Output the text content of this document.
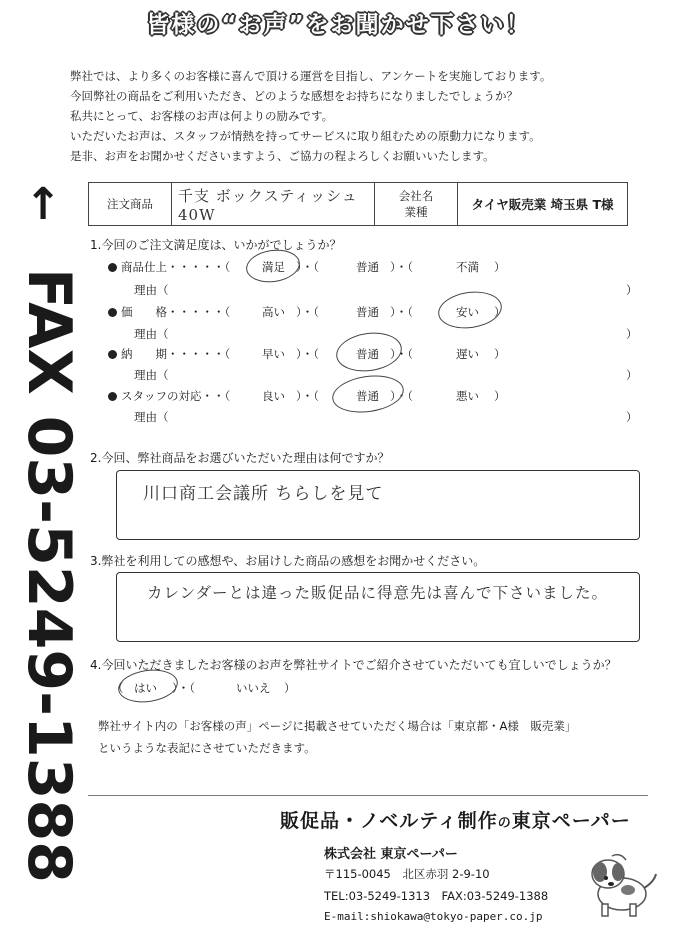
皆様の“お声”をお聞かせ下さい！
弊社では、より多くのお客様に喜んで頂ける運営を目指し、アンケートを実施しております。
今回弊社の商品をご利用いただき、どのような感想をお持ちになりましたでしょうか？
私共にとって、お客様のお声は何よりの励みです。
いただいたお声は、スタッフが情熱を持ってサービスに取り組むための原動力になります。
是非、お声をお聞かせくださいますよう、ご協力の程よろしくお願いいたします。
↑
FAX 03-5249-1388
注文商品	千支 ボックスティッシュ 40W	
会社名
業種	タイヤ販売業 埼玉県 T様
1.今回のご注文満足度は、いかがでしょうか？
商品仕上・・・・・（	満足 ）・（	普通 ）・（	不満 ）
理由（	）
価　　格・・・・・（	高い ）・（	普通 ）・（	安い ）
理由（	）
納　　期・・・・・（	早い ）・（	普通 ）・（	遅い ）
理由（	）
スタッフの対応・・（	良い ）・（	普通 ）・（	悪い ）
理由（	）
2.今回、弊社商品をお選びいただいた理由は何ですか？
川口商工会議所 ちらしを見て
3.弊社を利用しての感想や、お届けした商品の感想をお聞かせください。
カレンダーとは違った販促品に得意先は喜んで下さいました。
4.今回いただきましたお客様のお声を弊社サイトでご紹介させていただいても宜しいでしょうか？
（ はい ）・（	いいえ ）
弊社サイト内の「お客様の声」ページに掲載させていただく場合は「東京都・A様　販売業」
というような表記にさせていただきます。
販促品・ノベルティ制作の東京ペーパー
株式会社 東京ペーパー
〒115-0045　北区赤羽 2-9-10
TEL:03-5249-1313　FAX:03-5249-1388
E-mail:shiokawa@tokyo-paper.co.jp
